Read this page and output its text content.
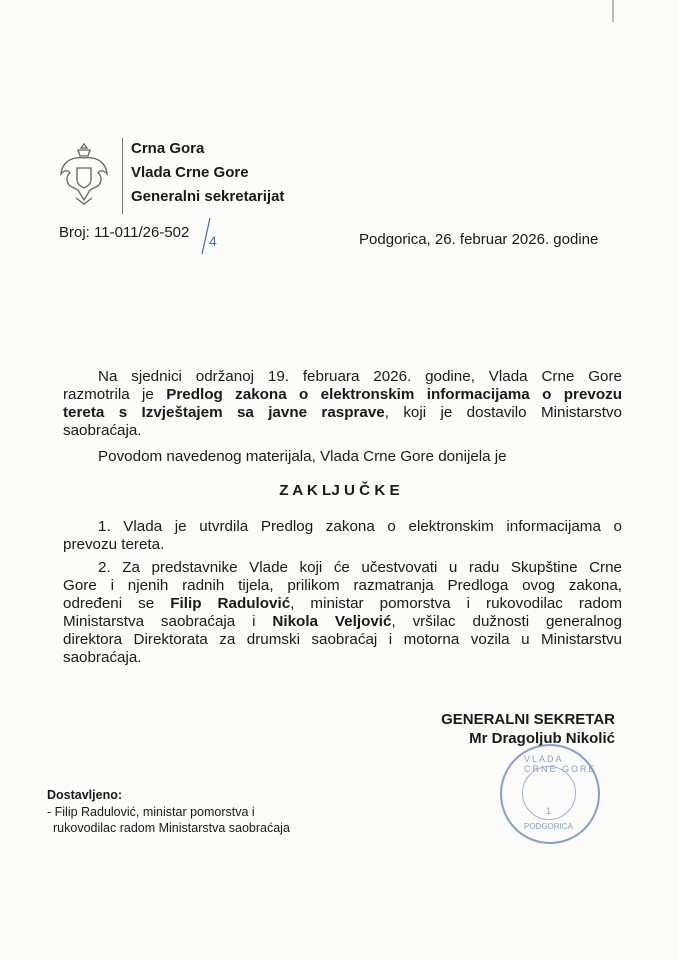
Crna Gora
Vlada Crne Gore
Generalni sekretarijat
Broj: 11-011/26-502 4	Podgorica, 26. februar 2026. godine
Na sjednici održanoj 19. februara 2026. godine, Vlada Crne Gore
razmotrila je Predlog zakona o elektronskim informacijama o prevozu
tereta s Izvještajem sa javne rasprave, koji je dostavilo Ministarstvo
saobraćaja.
Povodom navedenog materijala, Vlada Crne Gore donijela je
Z A K LJ U Č K E
1. Vlada je utvrdila Predlog zakona o elektronskim informacijama o
prevozu tereta.
2. Za predstavnike Vlade koji će učestvovati u radu Skupštine Crne
Gore i njenih radnih tijela, prilikom razmatranja Predloga ovog zakona,
određeni se Filip Radulović, ministar pomorstva i rukovodilac radom
Ministarstva saobraćaja i Nikola Veljović, vršilac dužnosti generalnog
direktora Direktorata za drumski saobraćaj i motorna vozila u Ministarstvu
saobraćaja.
GENERALNI SEKRETAR
Mr Dragoljub Nikolić
VLADA CRNE GORE
1
PODGORICA
Dostavljeno:
- Filip Radulović, ministar pomorstva i
rukovodilac radom Ministarstva saobraćaja
